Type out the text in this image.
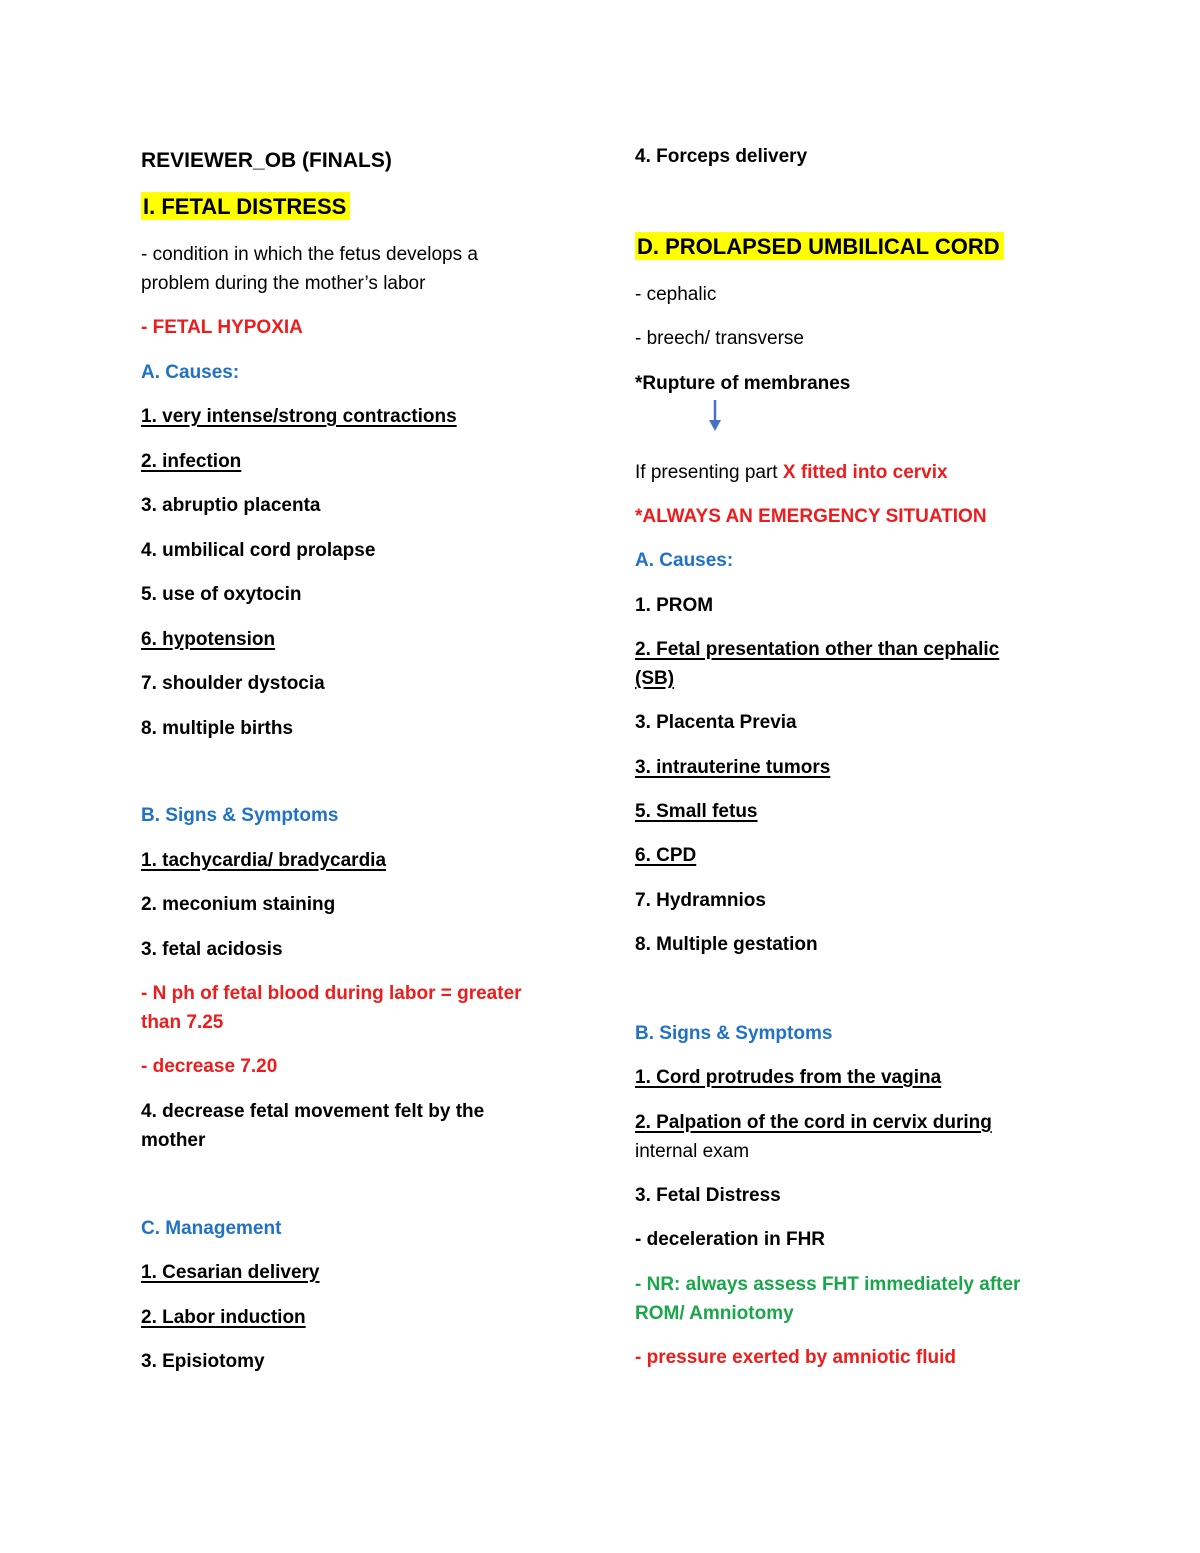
REVIEWER_OB (FINALS)

I. FETAL DISTRESS

- condition in which the fetus develops a

problem during the mother’s labor

- FETAL HYPOXIA

A. Causes:

1. very intense/strong contractions

2. infection

3. abruptio placenta

4. umbilical cord prolapse

5. use of oxytocin

6. hypotension

7. shoulder dystocia

8. multiple births

B. Signs & Symptoms

1. tachycardia/ bradycardia

2. meconium staining

3. fetal acidosis

- N ph of fetal blood during labor = greater

than 7.25

- decrease 7.20

4. decrease fetal movement felt by the

mother

C. Management

1. Cesarian delivery

2. Labor induction

3. Episiotomy

4. Forceps delivery

D. PROLAPSED UMBILICAL CORD

- cephalic

- breech/ transverse

*Rupture of membranes

If presenting part X fitted into cervix

*ALWAYS AN EMERGENCY SITUATION

A. Causes:

1. PROM

2. Fetal presentation other than cephalic

(SB)

3. Placenta Previa

3. intrauterine tumors

5. Small fetus

6. CPD

7. Hydramnios

8. Multiple gestation

B. Signs & Symptoms

1. Cord protrudes from the vagina

2. Palpation of the cord in cervix during

internal exam

3. Fetal Distress

- deceleration in FHR

- NR: always assess FHT immediately after

ROM/ Amniotomy

- pressure exerted by amniotic fluid
